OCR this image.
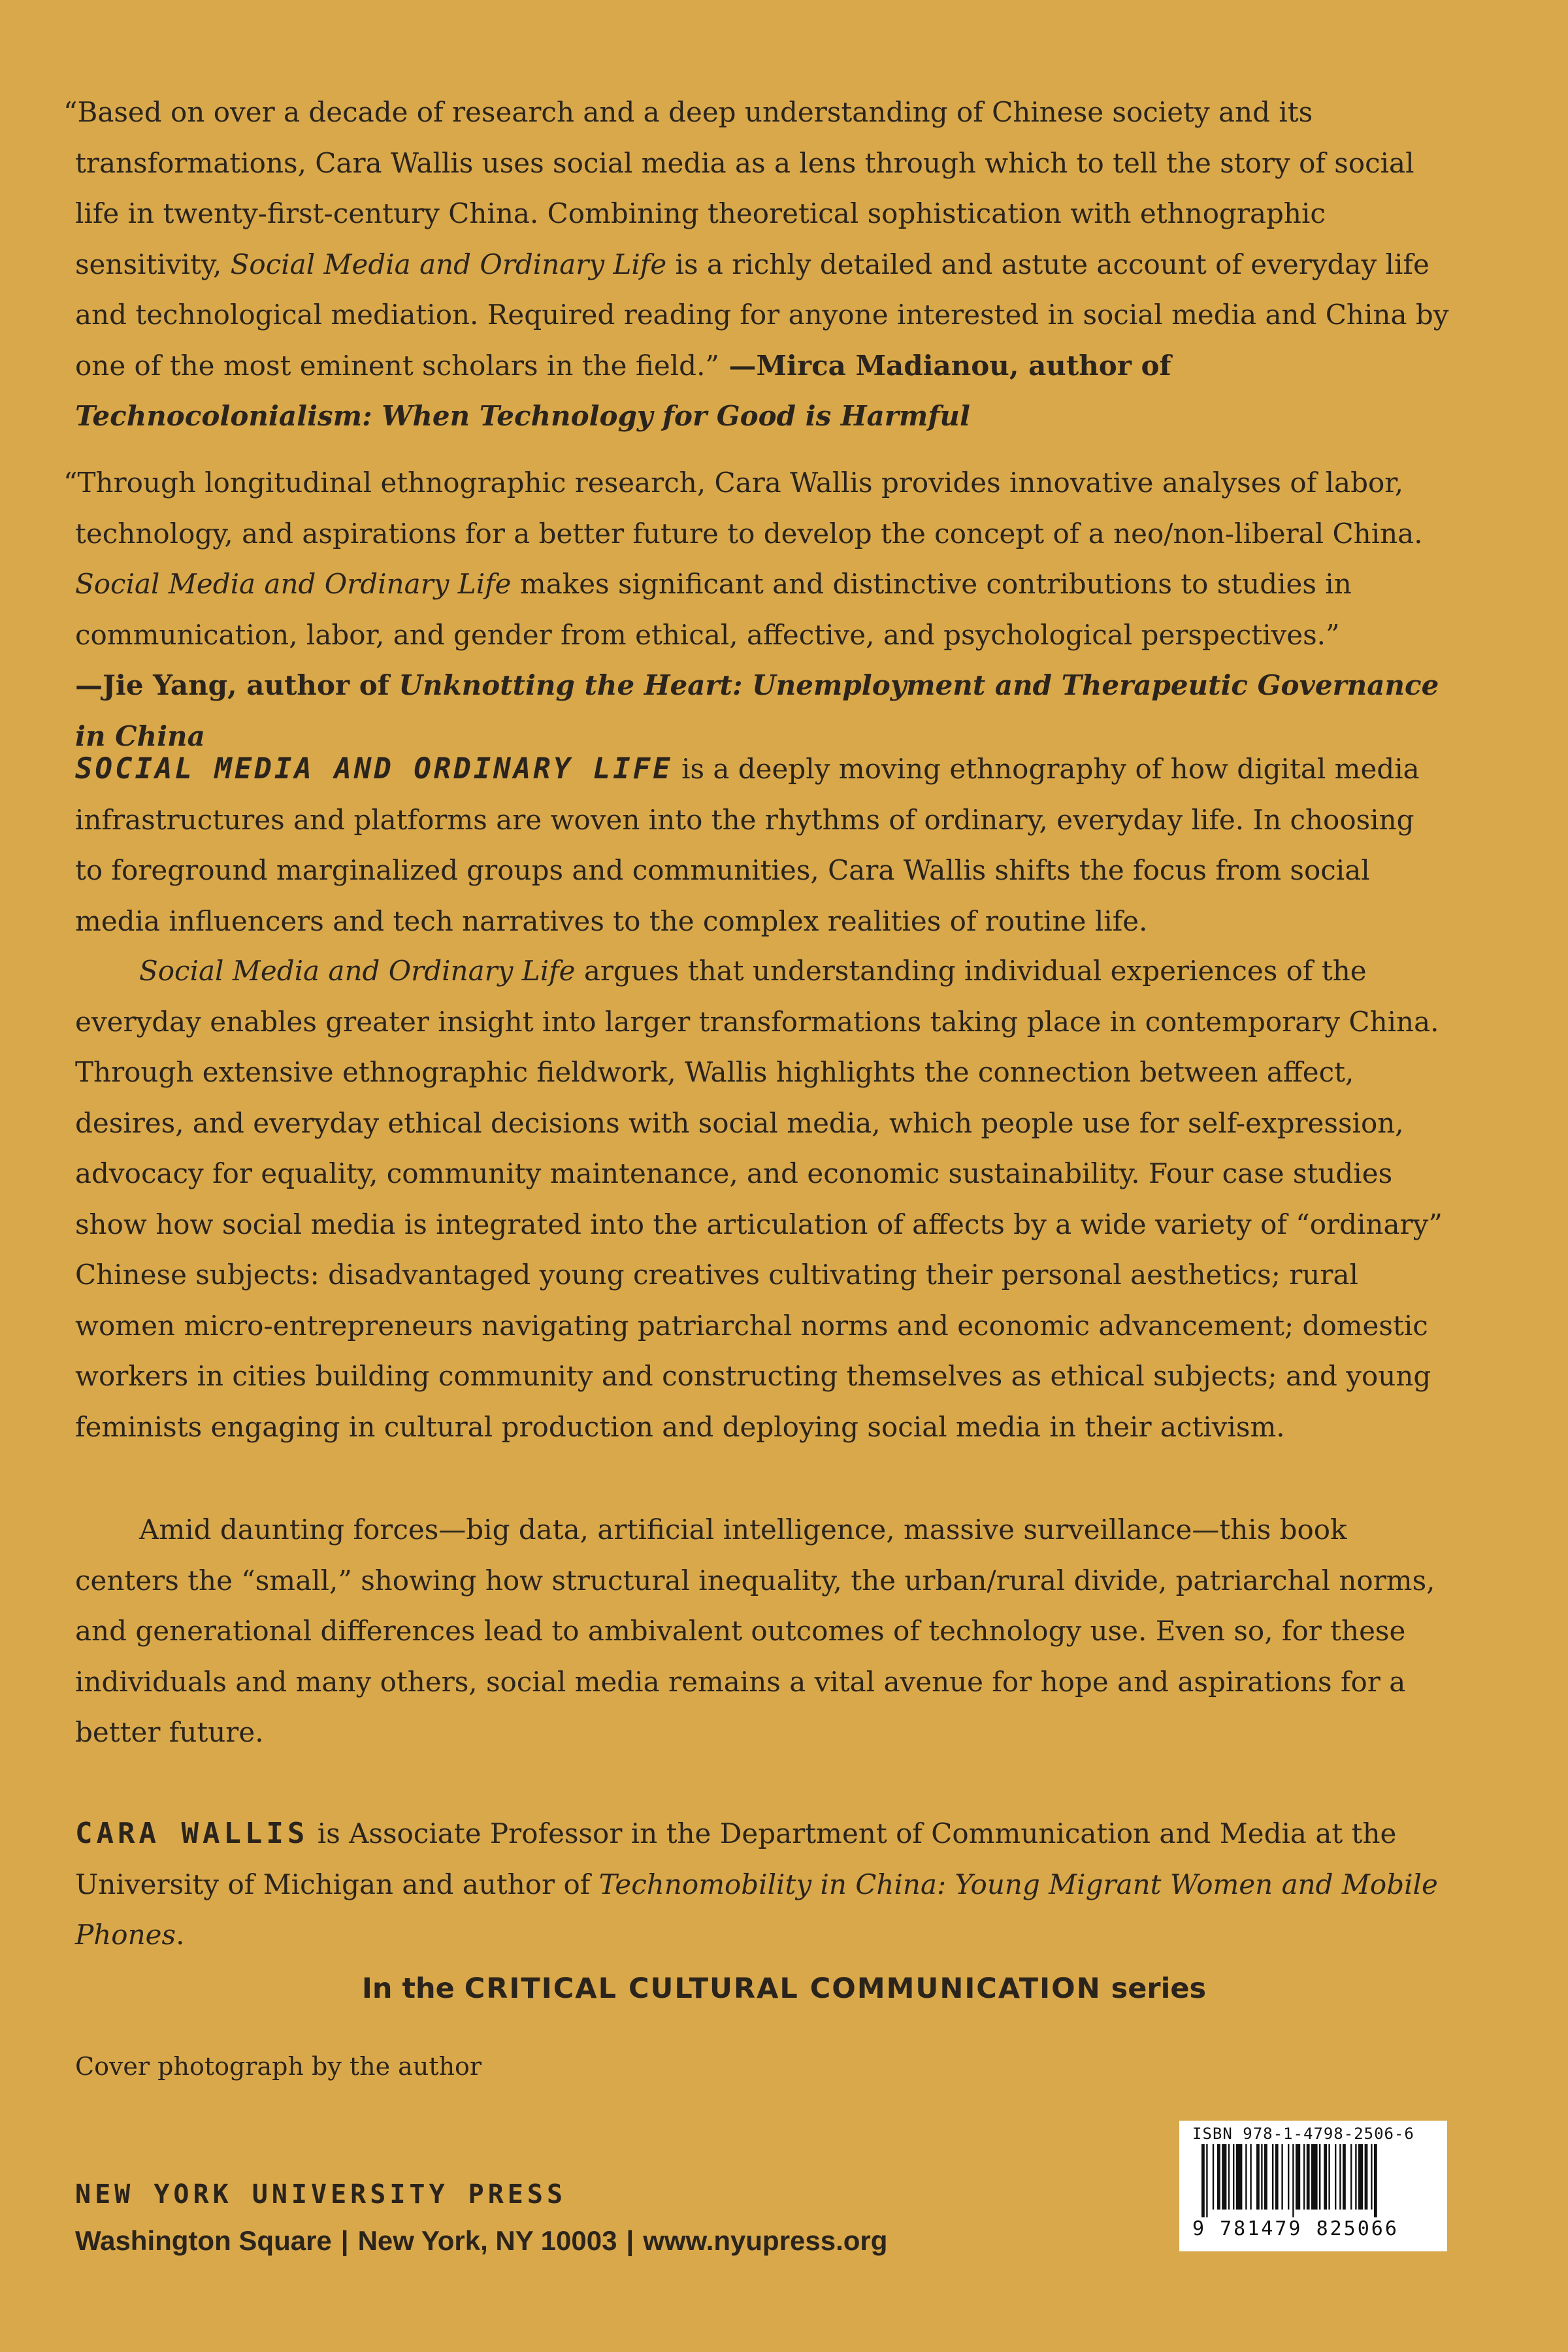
“Based on over a decade of research and a deep understanding of Chinese society and its transformations, Cara Wallis uses social media as a lens through which to tell the story of social life in twenty-first-century China. Combining theoretical sophistication with ethnographic sensitivity, Social Media and Ordinary Life is a richly detailed and astute account of everyday life and technological mediation. Required reading for anyone interested in social media and China by one of the most eminent scholars in the field.” —Mirca Madianou, author of Technocolonialism: When Technology for Good is Harmful

“Through longitudinal ethnographic research, Cara Wallis provides innovative analyses of labor, technology, and aspirations for a better future to develop the concept of a neo/non-liberal China. Social Media and Ordinary Life makes significant and distinctive contributions to studies in communication, labor, and gender from ethical, affective, and psychological perspectives.”
—Jie Yang, author of Unknotting the Heart: Unemployment and Therapeutic Governance in China

SOCIAL MEDIA AND ORDINARY LIFE is a deeply moving ethnography of how digital media infrastructures and platforms are woven into the rhythms of ordinary, everyday life. In choosing to foreground marginalized groups and communities, Cara Wallis shifts the focus from social media influencers and tech narratives to the complex realities of routine life.

Social Media and Ordinary Life argues that understanding individual experiences of the everyday enables greater insight into larger transformations taking place in contemporary China. Through extensive ethnographic fieldwork, Wallis highlights the connection between affect, desires, and everyday ethical decisions with social media, which people use for self-expression, advocacy for equality, community maintenance, and economic sustainability. Four case studies show how social media is integrated into the articulation of affects by a wide variety of “ordinary” Chinese subjects: disadvantaged young creatives cultivating their personal aesthetics; rural women micro-entrepreneurs navigating patriarchal norms and economic advancement; domestic workers in cities building community and constructing themselves as ethical subjects; and young feminists engaging in cultural production and deploying social media in their activism.

Amid daunting forces—big data, artificial intelligence, massive surveillance—this book centers the “small,” showing how structural inequality, the urban/rural divide, patriarchal norms, and generational differences lead to ambivalent outcomes of technology use. Even so, for these individuals and many others, social media remains a vital avenue for hope and aspirations for a better future.

CARA WALLIS is Associate Professor in the Department of Communication and Media at the University of Michigan and author of Technomobility in China: Young Migrant Women and Mobile Phones.

In the CRITICAL CULTURAL COMMUNICATION series
Cover photograph by the author
NEW YORK UNIVERSITY PRESS
Washington Square | New York, NY 10003 | www.nyupress.org
ISBN 978-1-4798-2506-6
9 781479 825066
